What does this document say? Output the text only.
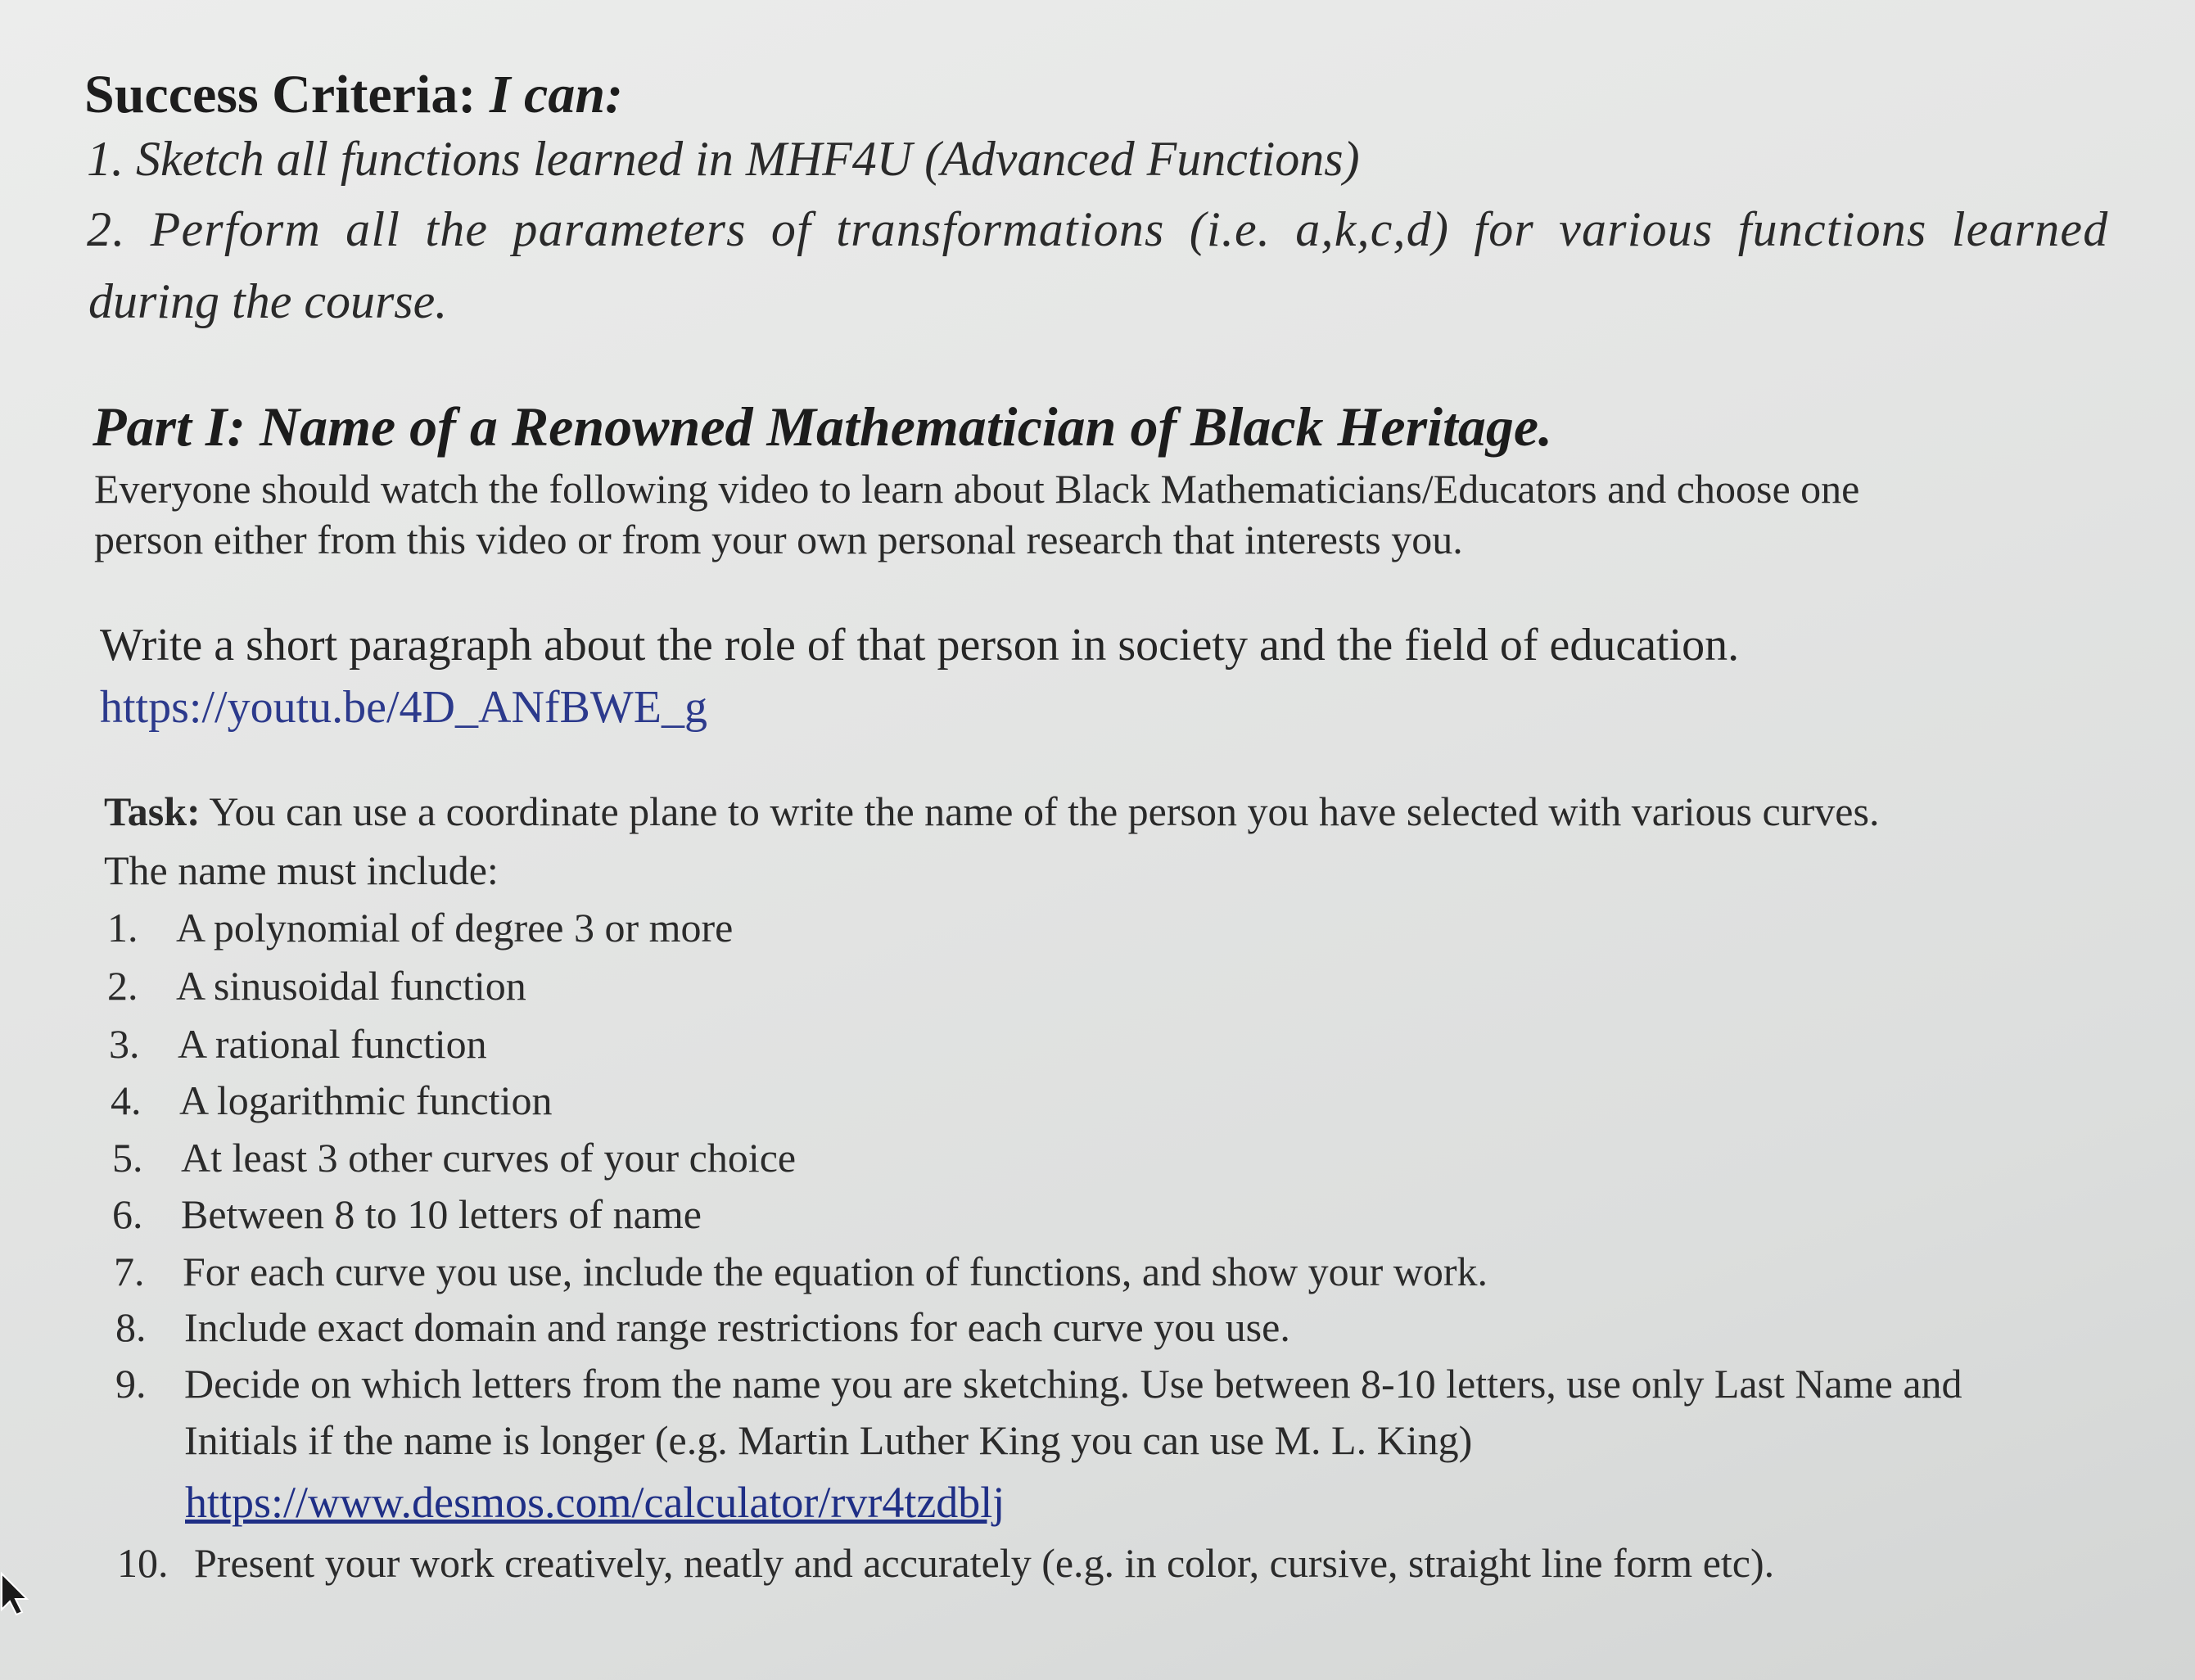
Success Criteria: I can:
1. Sketch all functions learned in MHF4U (Advanced Functions)
2. Perform all the parameters of transformations (i.e. a,k,c,d) for various functions learned
during the course.
Part I: Name of a Renowned Mathematician of Black Heritage.
Everyone should watch the following video to learn about Black Mathematicians/Educators and choose one
person either from this video or from your own personal research that interests you.
Write a short paragraph about the role of that person in society and the field of education.
https://youtu.be/4D_ANfBWE_g
Task: You can use a coordinate plane to write the name of the person you have selected with various curves.
The name must include:
1. A polynomial of degree 3 or more
2. A sinusoidal function
3. A rational function
4. A logarithmic function
5. At least 3 other curves of your choice
6. Between 8 to 10 letters of name
7. For each curve you use, include the equation of functions, and show your work.
8. Include exact domain and range restrictions for each curve you use.
9. Decide on which letters from the name you are sketching. Use between 8-10 letters, use only Last Name and
Initials if the name is longer (e.g. Martin Luther King you can use M. L. King)
https://www.desmos.com/calculator/rvr4tzdblj
10. Present your work creatively, neatly and accurately (e.g. in color, cursive, straight line form etc).
